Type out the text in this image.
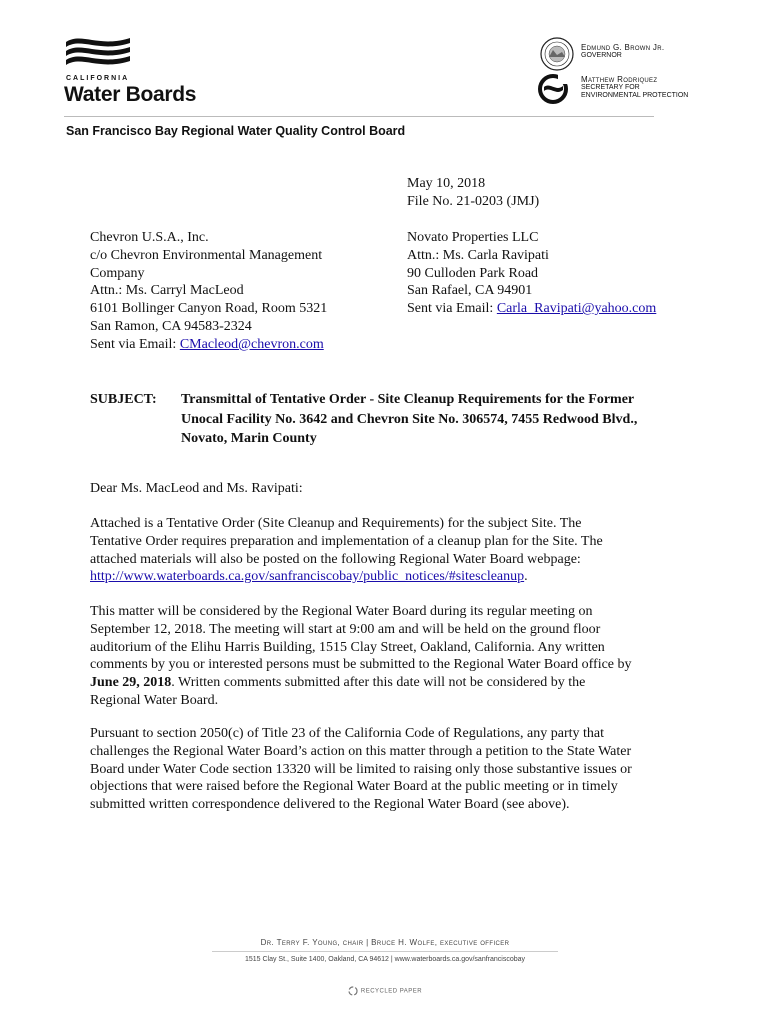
CALIFORNIA
Water Boards
Edmund G. Brown Jr.
GOVERNOR
Matthew Rodriquez
SECRETARY FOR
ENVIRONMENTAL PROTECTION
San Francisco Bay Regional Water Quality Control Board
May 10, 2018
File No. 21-0203 (JMJ)
Chevron U.S.A., Inc.
c/o Chevron Environmental Management
Company
Attn.: Ms. Carryl MacLeod
6101 Bollinger Canyon Road, Room 5321
San Ramon, CA 94583-2324
Sent via Email: CMacleod@chevron.com
Novato Properties LLC
Attn.: Ms. Carla Ravipati
90 Culloden Park Road
San Rafael, CA 94901
Sent via Email: Carla_Ravipati@yahoo.com
SUBJECT: Transmittal of Tentative Order - Site Cleanup Requirements for the Former
Unocal Facility No. 3642 and Chevron Site No. 306574, 7455 Redwood Blvd.,
Novato, Marin County
Dear Ms. MacLeod and Ms. Ravipati:
Attached is a Tentative Order (Site Cleanup and Requirements) for the subject Site. The
Tentative Order requires preparation and implementation of a cleanup plan for the Site. The
attached materials will also be posted on the following Regional Water Board webpage:
http://www.waterboards.ca.gov/sanfranciscobay/public_notices/#sitescleanup.
This matter will be considered by the Regional Water Board during its regular meeting on
September 12, 2018. The meeting will start at 9:00 am and will be held on the ground floor
auditorium of the Elihu Harris Building, 1515 Clay Street, Oakland, California. Any written
comments by you or interested persons must be submitted to the Regional Water Board office by
June 29, 2018. Written comments submitted after this date will not be considered by the
Regional Water Board.
Pursuant to section 2050(c) of Title 23 of the California Code of Regulations, any party that
challenges the Regional Water Board’s action on this matter through a petition to the State Water
Board under Water Code section 13320 will be limited to raising only those substantive issues or
objections that were raised before the Regional Water Board at the public meeting or in timely
submitted written correspondence delivered to the Regional Water Board (see above).
Dr. Terry F. Young, chair | Bruce H. Wolfe, executive officer
1515 Clay St., Suite 1400, Oakland, CA 94612 | www.waterboards.ca.gov/sanfranciscobay
RECYCLED PAPER
